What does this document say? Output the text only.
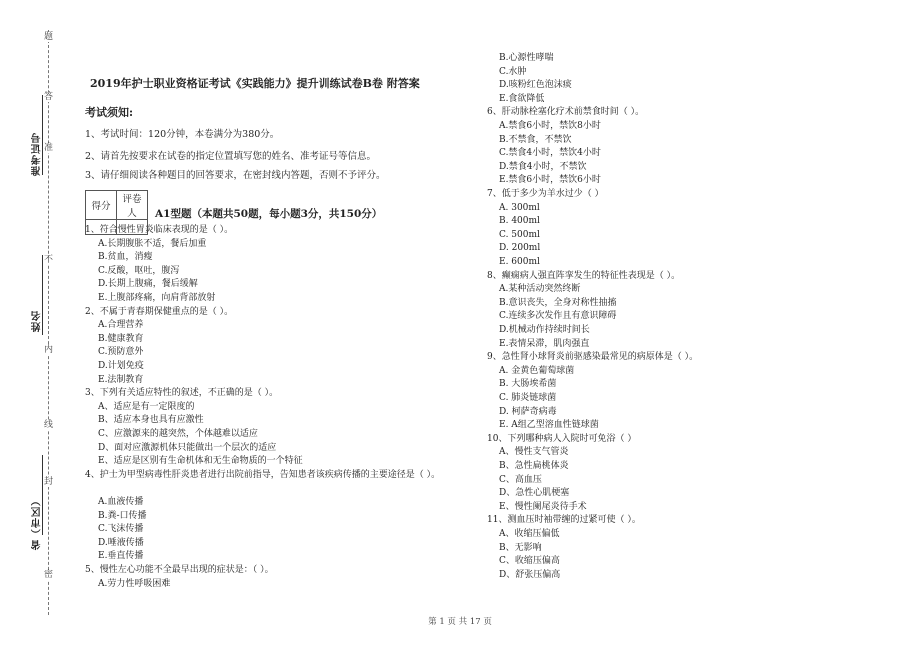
题
答
准
不
内
线
封
密
准考证号
姓名
省（市区）
2019年护士职业资格证考试《实践能力》提升训练试卷B卷 附答案
考试须知:
1、考试时间：120分钟，本卷满分为380分。
2、请首先按要求在试卷的指定位置填写您的姓名、准考证号等信息。
3、请仔细阅读各种题目的回答要求，在密封线内答题，否则不予评分。
得分	评卷人
	A1型题（本题共50题，每小题3分，共150分）
1、符合慢性胃炎临床表现的是（ ）。
A.长期腹胀不适，餐后加重
B.贫血，消瘦
C.反酸，呕吐，腹泻
D.长期上腹痛，餐后缓解
E.上腹部疼痛，向肩背部放射
2、不属于青春期保健重点的是（ ）。
A.合理营养
B.健康教育
C.预防意外
D.计划免疫
E.法制教育
3、下列有关适应特性的叙述，不正确的是（ ）。
A、适应是有一定限度的
B、适应本身也具有应激性
C、应激源来的越突然，个体越难以适应
D、面对应激源机体只能做出一个层次的适应
E、适应是区别有生命机体和无生命物质的一个特征
4、护士为甲型病毒性肝炎患者进行出院前指导，告知患者该疾病传播的主要途径是（ ）。
A.血液传播
B.粪-口传播
C.飞沫传播
D.唾液传播
E.垂直传播
5、慢性左心功能不全最早出现的症状是：（ ）。
A.劳力性呼吸困难
B.心源性哮喘
C.水肿
D.咳粉红色泡沫痰
E.食欲降低
6、肝动脉栓塞化疗术前禁食时间（ ）。
A.禁食6小时，禁饮8小时
B.不禁食，不禁饮
C.禁食4小时，禁饮4小时
D.禁食4小时，不禁饮
E.禁食6小时，禁饮6小时
7、低于多少为羊水过少（ ）
A. 300ml
B. 400ml
C. 500ml
D. 200ml
E. 600ml
8、癫痫病人强直阵挛发生的特征性表现是（ ）。
A.某种活动突然终断
B.意识丧失，全身对称性抽搐
C.连续多次发作且有意识障碍
D.机械动作持续时间长
E.表情呆滞，肌肉强直
9、急性肾小球肾炎前驱感染最常见的病原体是（ ）。
A. 金黄色葡萄球菌
B. 大肠埃希菌
C. 肺炎链球菌
D. 柯萨奇病毒
E. A组乙型溶血性链球菌
10、下列哪种病人入院时可免浴（ ）
A、慢性支气管炎
B、急性扁桃体炎
C、高血压
D、急性心肌梗塞
E、慢性阑尾炎待手术
11、测血压时袖带缠的过紧可使（ ）。
A、收缩压偏低
B、无影响
C、收缩压偏高
D、舒张压偏高
第 1 页 共 17 页
